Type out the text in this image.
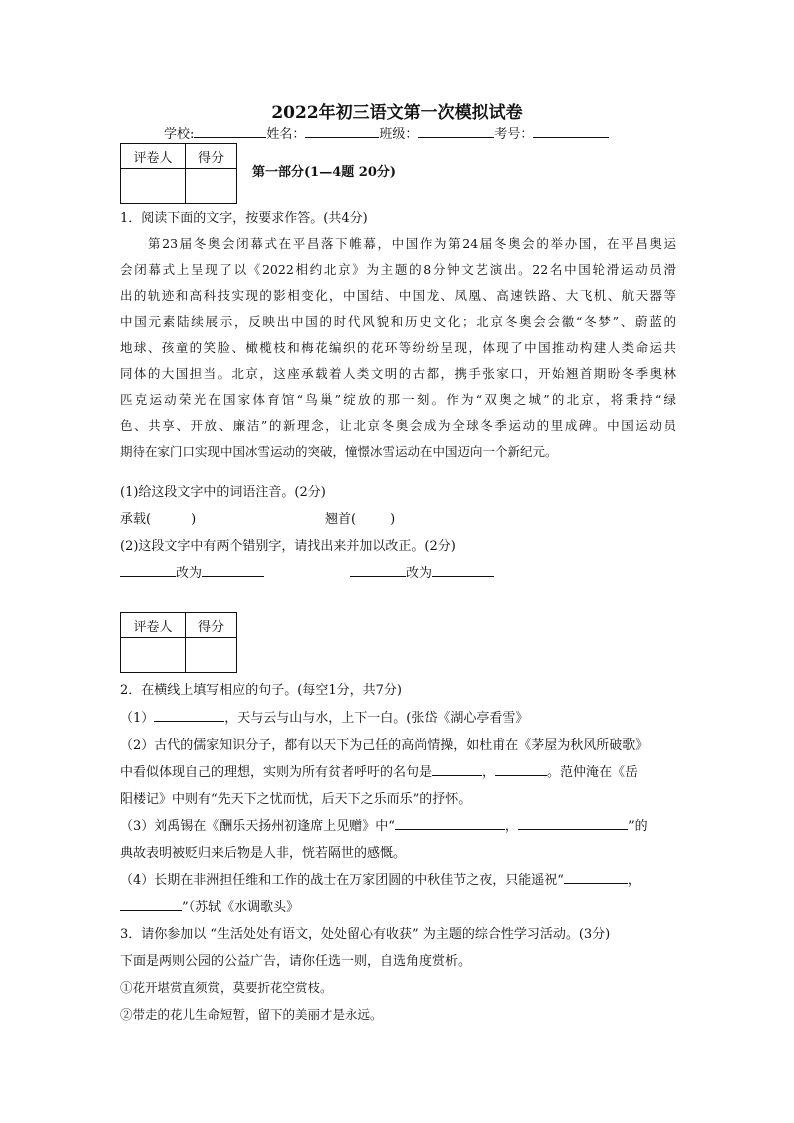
2022年初三语文第一次模拟试卷
学校:	姓名：	班级：	考号：
评卷人	得分

第一部分(1—4题 20分)
1．阅读下面的文字，按要求作答。(共4分)
第23届冬奥会闭幕式在平昌落下帷幕，中国作为第24届冬奥会的举办国，在平昌奥运
会闭幕式上呈现了以《2022相约北京》为主题的8分钟文艺演出。22名中国轮滑运动员滑
出的轨迹和高科技实现的影相变化，中国结、中国龙、凤凰、高速铁路、大飞机、航天器等
中国元素陆续展示，反映出中国的时代风貌和历史文化；北京冬奥会会徽“冬梦”、蔚蓝的
地球、孩童的笑脸、橄榄枝和梅花编织的花环等纷纷呈现，体现了中国推动构建人类命运共
同体的大国担当。北京，这座承载着人类文明的古都，携手张家口，开始翘首期盼冬季奥林
匹克运动荣光在国家体育馆“鸟巢”绽放的那一刻。作为“双奥之城”的北京，将秉持“绿
色、共享、开放、廉洁”的新理念，让北京冬奥会成为全球冬季运动的里成碑。中国运动员
期待在家门口实现中国冰雪运动的突破，憧憬冰雪运动在中国迈向一个新纪元。
(1)给这段文字中的词语注音。(2分)
承载(	)	翘首(	)
(2)这段文字中有两个错别字，请找出来并加以改正。(2分)
改为	改为
评卷人	得分

2．在横线上填写相应的句子。(每空1分，共7分)
（1）	，天与云与山与水，上下一白。(张岱《湖心亭看雪》
（2）古代的儒家知识分子，都有以天下为己任的高尚情操，如杜甫在《茅屋为秋风所破歌》
中看似体现自己的理想，实则为所有贫者呼吁的名句是	，	。范仲淹在《岳
阳楼记》中则有“先天下之忧而忧，后天下之乐而乐”的抒怀。
（3）刘禹锡在《酬乐天扬州初逢席上见赠》中“	，	”的
典故表明被贬归来后物是人非，恍若隔世的感慨。
（4）长期在非洲担任维和工作的战士在万家团圆的中秋佳节之夜，只能遥祝“	，
”（苏轼《水调歌头》
3．请你参加以 “生活处处有语文，处处留心有收获” 为主题的综合性学习活动。(3分)
下面是两则公园的公益广告，请你任选一则，自选角度赏析。
①花开堪赏直须赏，莫要折花空赏枝。
②带走的花儿生命短暂，留下的美丽才是永远。
